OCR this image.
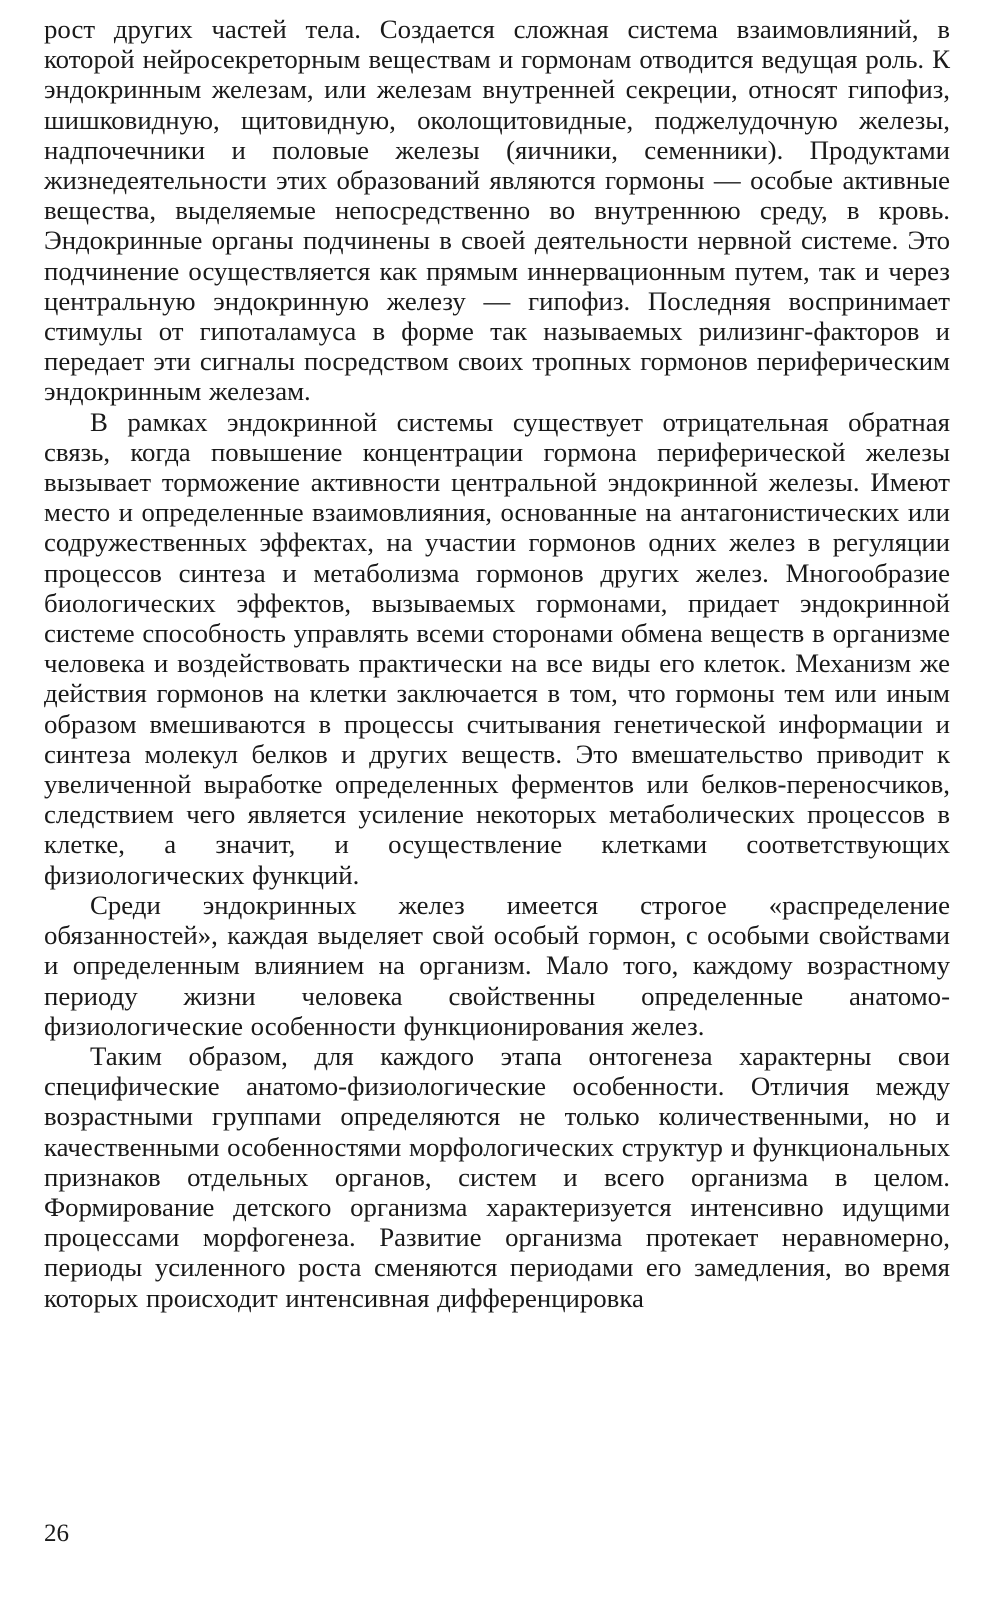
рост других частей тела. Создается сложная система взаимовлияний, в которой нейросекреторным веществам и гормонам отводится ведущая роль. К эндокринным железам, или железам внутренней секреции, относят гипофиз, шишковидную, щитовидную, околощитовидные, поджелудочную железы, надпочечники и половые железы (яичники, семенники). Продуктами жизнедеятельности этих образований являются гормоны — особые активные вещества, выделяемые непосредственно во внутреннюю среду, в кровь. Эндокринные органы подчинены в своей деятельности нервной системе. Это подчинение осуществляется как прямым иннервационным путем, так и через центральную эндокринную железу — гипофиз. Последняя воспринимает стимулы от гипоталамуса в форме так называемых рилизинг-факторов и передает эти сигналы посредством своих тропных гормонов периферическим эндокринным железам.

В рамках эндокринной системы существует отрицательная обратная связь, когда повышение концентрации гормона периферической железы вызывает торможение активности центральной эндокринной железы. Имеют место и определенные взаимовлияния, основанные на антагонистических или содружественных эффектах, на участии гормонов одних желез в регуляции процессов синтеза и метаболизма гормонов других желез. Многообразие биологических эффектов, вызываемых гормонами, придает эндокринной системе способность управлять всеми сторонами обмена веществ в организме человека и воздействовать практически на все виды его клеток. Механизм же действия гормонов на клетки заключается в том, что гормоны тем или иным образом вмешиваются в процессы считывания генетической информации и синтеза молекул белков и других веществ. Это вмешательство приводит к увеличенной выработке определенных ферментов или белков-переносчиков, следствием чего является усиление некоторых метаболических процессов в клетке, а значит, и осуществление клетками соответствующих физиологических функций.

Среди эндокринных желез имеется строгое «распределение обязанностей», каждая выделяет свой особый гормон, с особыми свойствами и определенным влиянием на организм. Мало того, каждому возрастному периоду жизни человека свойственны определенные анатомо-физиологические особенности функционирования желез.

Таким образом, для каждого этапа онтогенеза характерны свои специфические анатомо-физиологические особенности. Отличия между возрастными группами определяются не только количественными, но и качественными особенностями морфологических структур и функциональных признаков отдельных органов, систем и всего организма в целом. Формирование детского организма характеризуется интенсивно идущими процессами морфогенеза. Развитие организма протекает неравномерно, периоды усиленного роста сменяются периодами его замедления, во время которых происходит интенсивная дифференцировка

26
